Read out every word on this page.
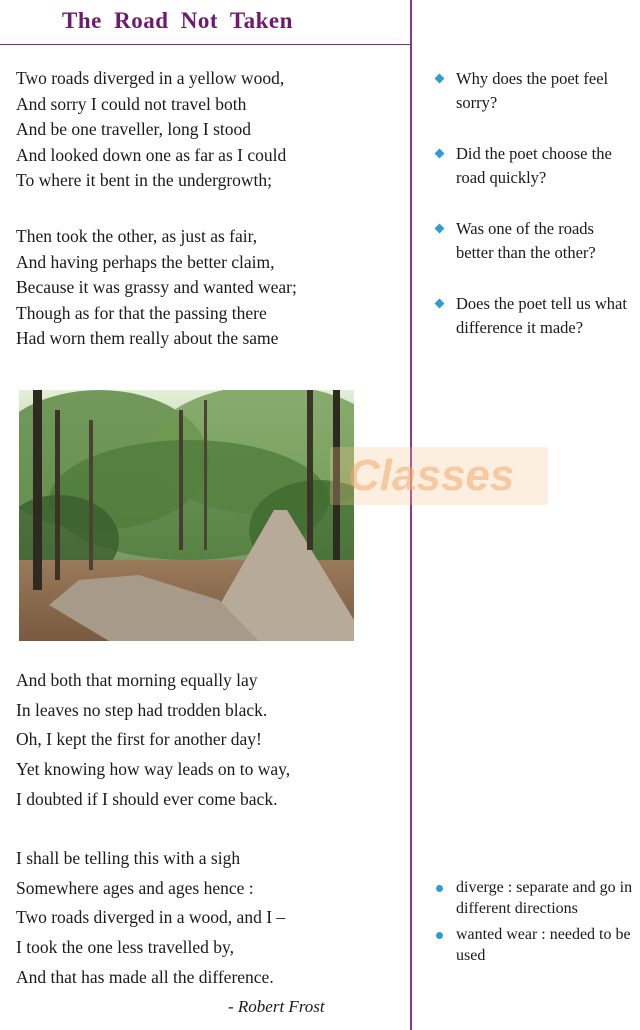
The Road Not Taken
Two roads diverged in a yellow wood,
And sorry I could not travel both
And be one traveller, long I stood
And looked down one as far as I could
To where it bent in the undergrowth;
Then took the other, as just as fair,
And having perhaps the better claim,
Because it was grassy and wanted wear;
Though as for that the passing there
Had worn them really about the same
Classes
And both that morning equally lay
In leaves no step had trodden black.
Oh, I kept the first for another day!
Yet knowing how way leads on to way,
I doubted if I should ever come back.
I shall be telling this with a sigh
Somewhere ages and ages hence :
Two roads diverged in a wood, and I –
I took the one less travelled by,
And that has made all the difference.
- Robert Frost
Why does the poet feel sorry?
Did the poet choose the road quickly?
Was one of the roads better than the other?
Does the poet tell us what difference it made?
diverge : separate and go in different directions
wanted wear : needed to be used
